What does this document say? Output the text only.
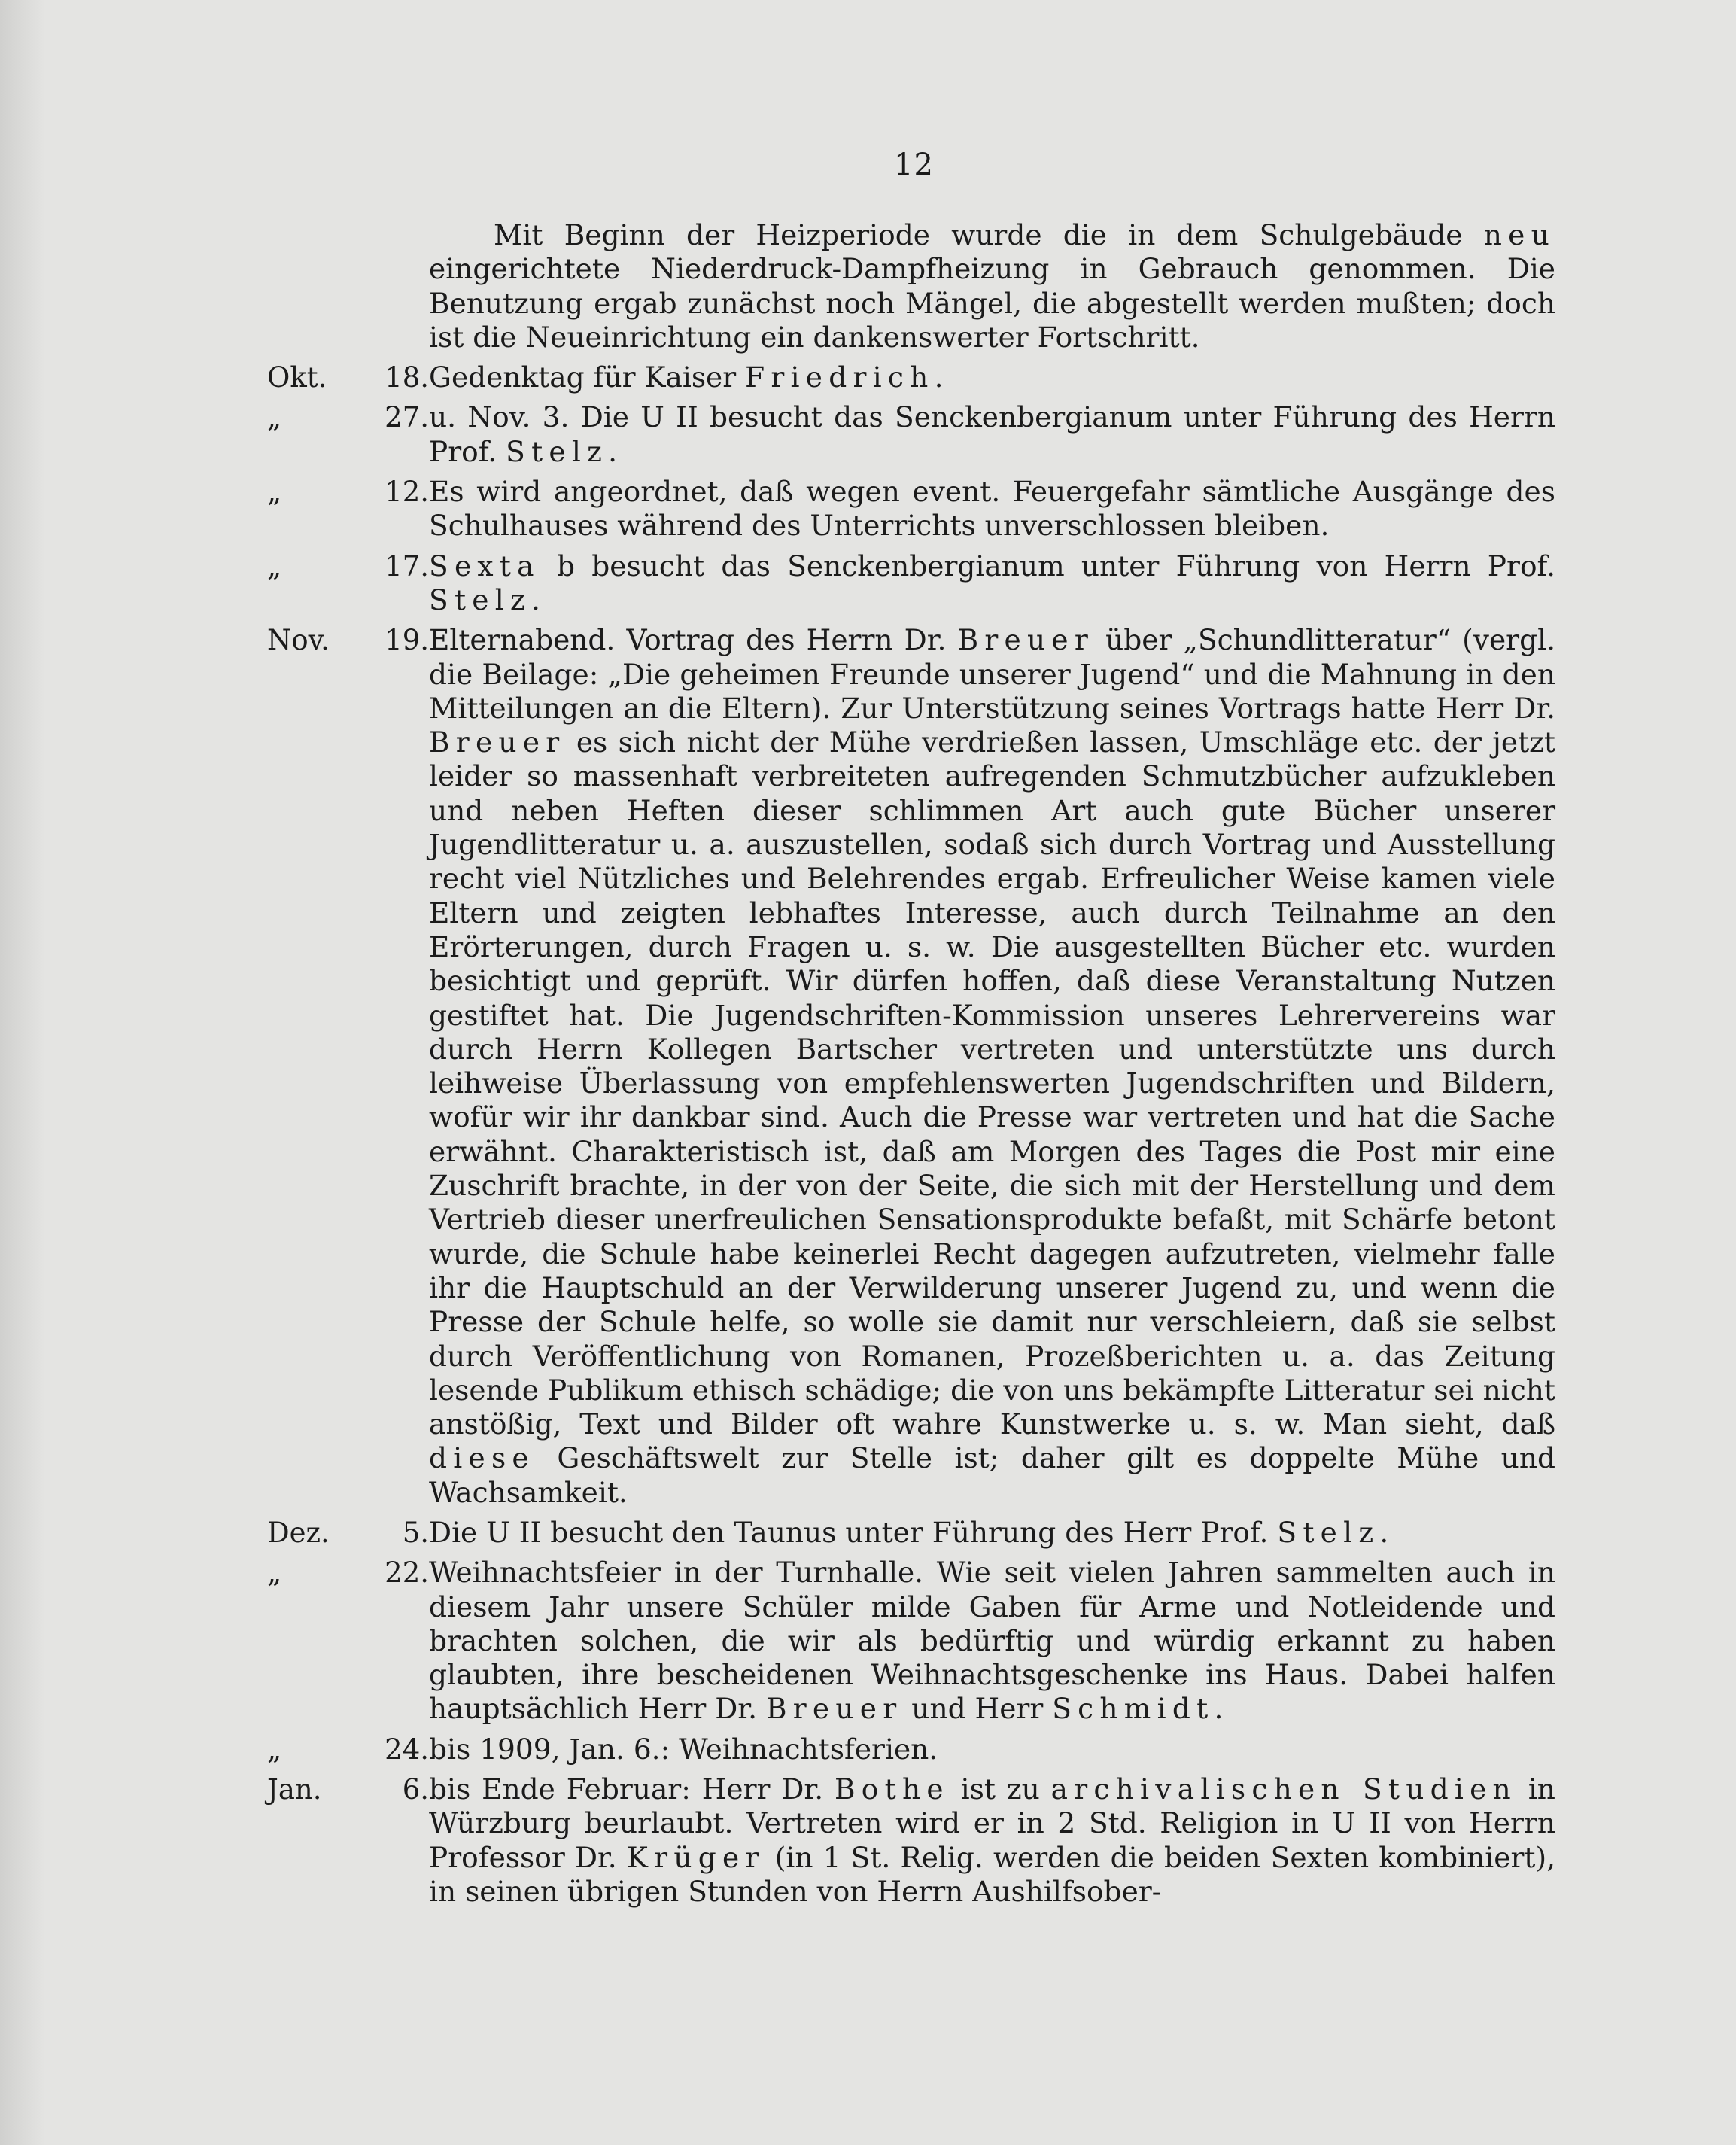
12
Mit Beginn der Heizperiode wurde die in dem Schulgebäude neu eingerichtete Niederdruck-Dampfheizung in Gebrauch genommen. Die Benutzung ergab zunächst noch Mängel, die abgestellt werden mußten; doch ist die Neueinrichtung ein dankenswerter Fortschritt.
Okt.	18. Gedenktag für Kaiser Friedrich.
„	27. u. Nov. 3. Die U II besucht das Senckenbergianum unter Führung des Herrn Prof. Stelz.
„	12. Es wird angeordnet, daß wegen event. Feuergefahr sämtliche Ausgänge des Schulhauses während des Unterrichts unverschlossen bleiben.
„	17. Sexta b besucht das Senckenbergianum unter Führung von Herrn Prof. Stelz.
Nov.	19. Elternabend. Vortrag des Herrn Dr. Breuer über „Schundlitteratur“ (vergl. die Beilage: „Die geheimen Freunde unserer Jugend“ und die Mahnung in den Mitteilungen an die Eltern). Zur Unterstützung seines Vortrags hatte Herr Dr. Breuer es sich nicht der Mühe verdrießen lassen, Umschläge etc. der jetzt leider so massenhaft verbreiteten aufregenden Schmutzbücher aufzukleben und neben Heften dieser schlimmen Art auch gute Bücher unserer Jugendlitteratur u. a. auszustellen, sodaß sich durch Vortrag und Ausstellung recht viel Nützliches und Belehrendes ergab. Erfreulicher Weise kamen viele Eltern und zeigten lebhaftes Interesse, auch durch Teilnahme an den Erörterungen, durch Fragen u. s. w. Die ausgestellten Bücher etc. wurden besichtigt und geprüft. Wir dürfen hoffen, daß diese Veranstaltung Nutzen gestiftet hat. Die Jugendschriften-Kommission unseres Lehrervereins war durch Herrn Kollegen Bartscher vertreten und unterstützte uns durch leihweise Überlassung von empfehlenswerten Jugendschriften und Bildern, wofür wir ihr dankbar sind. Auch die Presse war vertreten und hat die Sache erwähnt. Charakteristisch ist, daß am Morgen des Tages die Post mir eine Zuschrift brachte, in der von der Seite, die sich mit der Herstellung und dem Vertrieb dieser unerfreulichen Sensationsprodukte befaßt, mit Schärfe betont wurde, die Schule habe keinerlei Recht dagegen aufzutreten, vielmehr falle ihr die Hauptschuld an der Verwilderung unserer Jugend zu, und wenn die Presse der Schule helfe, so wolle sie damit nur verschleiern, daß sie selbst durch Veröffentlichung von Romanen, Prozeßberichten u. a. das Zeitung lesende Publikum ethisch schädige; die von uns bekämpfte Litteratur sei nicht anstößig, Text und Bilder oft wahre Kunstwerke u. s. w. Man sieht, daß diese Geschäftswelt zur Stelle ist; daher gilt es doppelte Mühe und Wachsamkeit.
Dez.	5. Die U II besucht den Taunus unter Führung des Herr Prof. Stelz.
„	22. Weihnachtsfeier in der Turnhalle. Wie seit vielen Jahren sammelten auch in diesem Jahr unsere Schüler milde Gaben für Arme und Notleidende und brachten solchen, die wir als bedürftig und würdig erkannt zu haben glaubten, ihre bescheidenen Weihnachtsgeschenke ins Haus. Dabei halfen hauptsächlich Herr Dr. Breuer und Herr Schmidt.
„	24. bis 1909, Jan. 6.: Weihnachtsferien.
Jan.	6. bis Ende Februar: Herr Dr. Bothe ist zu archivalischen Studien in Würzburg beurlaubt. Vertreten wird er in 2 Std. Religion in U II von Herrn Professor Dr. Krüger (in 1 St. Relig. werden die beiden Sexten kombiniert), in seinen übrigen Stunden von Herrn Aushilfsober-
